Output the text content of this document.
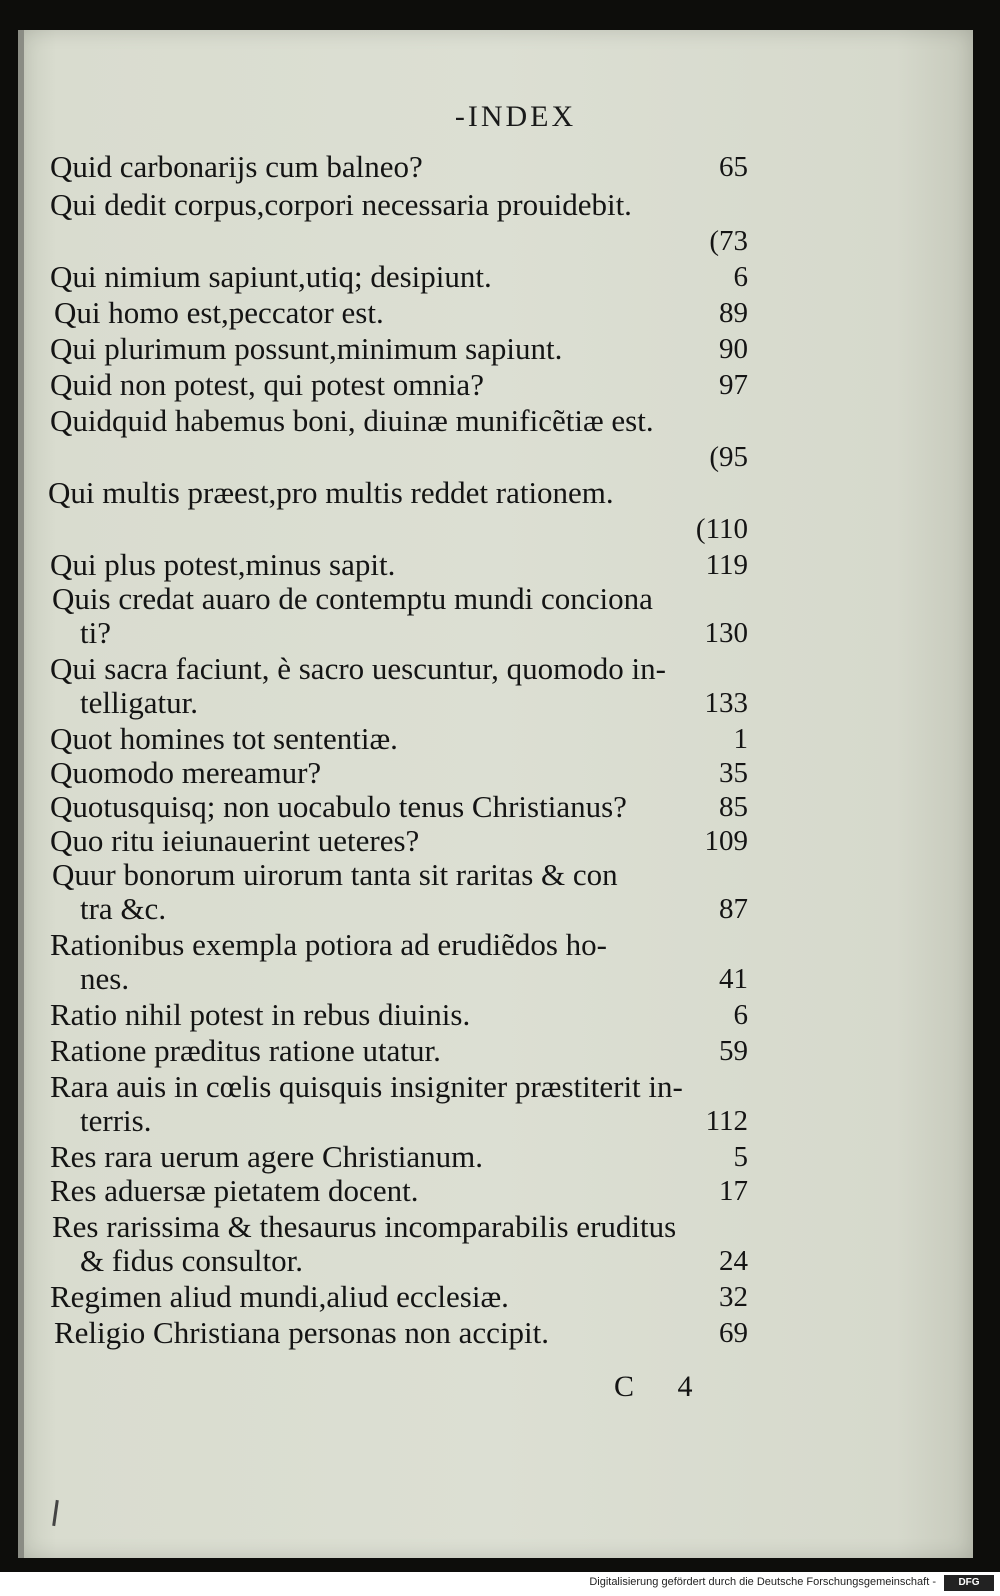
-INDEX
Quid carbonarijs cum balneo?	65
Qui dedit corpus,corpori necessaria prouidebit.
(73
Qui nimium sapiunt,utiq; desipiunt.	6
Qui homo est,peccator est.	89
Qui plurimum possunt,minimum sapiunt.	90
Quid non potest, qui potest omnia?	97
Quidquid habemus boni, diuinæ munificẽtiæ est.
(95
Qui multis præest,pro multis reddet rationem.
(110
Qui plus potest,minus sapit.	119
Quis credat auaro de contemptu mundi conciona
ti?	130
Qui sacra faciunt, è sacro uescuntur, quomodo in-
telligatur.	133
Quot homines tot sententiæ.	1
Quomodo mereamur?	35
Quotusquisq; non uocabulo tenus Christianus?	85
Quo ritu ieiunauerint ueteres?	109
Quur bonorum uirorum tanta sit raritas & con
tra &c.	87
Rationibus exempla potiora ad erudiẽdos ho-
nes.	41
Ratio nihil potest in rebus diuinis.	6
Ratione præditus ratione utatur.	59
Rara auis in cœlis quisquis insigniter præstiterit in-
terris.	112
Res rara uerum agere Christianum.	5
Res aduersæ pietatem docent.	17
Res rarissima & thesaurus incomparabilis eruditus
& fidus consultor.	24
Regimen aliud mundi,aliud ecclesiæ.	32
Religio Christiana personas non accipit.	69
C 4
Digitalisierung gefördert durch die Deutsche Forschungsgemeinschaft -	DFG
